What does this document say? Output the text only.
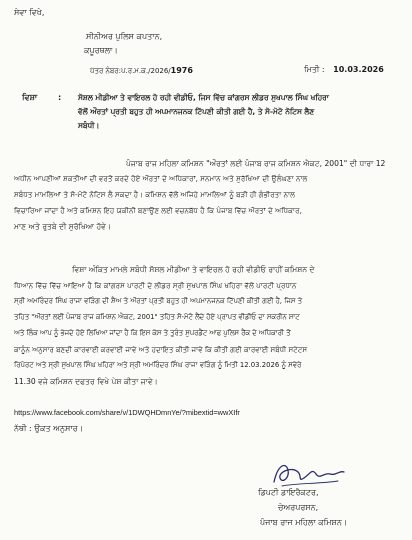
ਸੇਵਾ ਵਿਖੇ,
ਸੀਨੀਅਰ ਪੁਲਿਸ ਕਪਤਾਨ,
ਕਪੂਰਥਲਾ।
ਪੱਤਰ ਨੰਬਰ:ਪ.ਰ.ਮ.ਕ./2026/1976	ਮਿਤੀ : 10.03.2026
ਵਿਸ਼ਾ	: ਸੋਸ਼ਲ ਮੀਡੀਆ ਤੇ ਵਾਇਰਲ ਹੋ ਰਹੀ ਵੀਡੀਓ, ਜਿਸ ਵਿੱਚ ਕਾਂਗਰਸ ਲੀਡਰ ਸੁਖਪਾਲ ਸਿੰਘ ਖਹਿਰਾ
ਵੱਲੋਂ ਔਰਤਾਂ ਪ੍ਰਤੀ ਬਹੁਤ ਹੀ ਅਪਮਾਨਜਨਕ ਟਿੱਪਣੀ ਕੀਤੀ ਗਈ ਹੈ, ਤੇ ਸੋ-ਮੋਟੋ ਨੋਟਿਸ ਲੈਣ
ਸਬੰਧੀ।
ਪੰਜਾਬ ਰਾਜ ਮਹਿਲਾ ਕਮਿਸ਼ਨ "ਔਰਤਾਂ ਲਈ ਪੰਜਾਬ ਰਾਜ ਕਮਿਸ਼ਨ ਐਕਟ, 2001" ਦੀ ਧਾਰਾ 12
ਅਧੀਨ ਆਪਣੀਆਂ ਸ਼ਕਤੀਆਂ ਦੀ ਵਰਤੋਂ ਕਰਦੇ ਹੋਏ ਔਰਤਾਂ ਦੇ ਅਧਿਕਾਰਾਂ, ਸਨਮਾਨ ਅਤੇ ਸੁਰੱਖਿਆ ਦੀ ਉਲੰਘਣਾ ਨਾਲ
ਸਬੰਧਤ ਮਾਮਲਿਆਂ ਤੇ ਸੋ-ਮੋਟੋ ਨੋਟਿਸ ਲੈ ਸਕਦਾ ਹੈ। ਕਮਿਸ਼ਨ ਵੱਲੋਂ ਅਜਿਹੇ ਮਾਮਲਿਆਂ ਨੂੰ ਬੜੀ ਹੀ ਗੰਭੀਰਤਾ ਨਾਲ
ਵਿਚਾਰਿਆ ਜਾਂਦਾ ਹੈ ਅਤੇ ਕਮਿਸ਼ਨ ਇਹ ਯਕੀਨੀ ਬਣਾਉਣ ਲਈ ਵਚਨਬੱਧ ਹੈ ਕਿ ਪੰਜਾਬ ਵਿੱਚ ਔਰਤਾਂ ਦੇ ਅਧਿਕਾਰ,
ਮਾਣ ਅਤੇ ਰੁਤਬੇ ਦੀ ਸੁਰੱਖਿਆ ਹੋਵੇ।
ਵਿਸ਼ਾ ਅੰਕਿਤ ਮਾਮਲੇ ਸਬੰਧੀ ਸੋਸ਼ਲ ਮੀਡੀਆ ਤੇ ਵਾਇਰਲ ਹੋ ਰਹੀ ਵੀਡੀਓ ਰਾਹੀਂ ਕਮਿਸ਼ਨ ਦੇ
ਧਿਆਨ ਵਿੱਚ ਵਿੱਚ ਆਇਆ ਹੈ ਕਿ ਕਾਂਗਰਸ ਪਾਰਟੀ ਦੇ ਲੀਡਰ ਸ੍ਰੀ ਸੁਖਪਾਲ ਸਿੰਘ ਖਹਿਰਾ ਵੱਲੋਂ ਪਾਰਟੀ ਪ੍ਰਧਾਨ
ਸ੍ਰੀ ਅਮਰਿੰਦਰ ਸਿੰਘ ਰਾਜਾ ਵੜਿੰਗ ਦੀ ਸ਼ੈਅ ਤੇ ਔਰਤਾਂ ਪ੍ਰਤੀ ਬਹੁਤ ਹੀ ਅਪਮਾਨਜਨਕ ਟਿੱਪਣੀ ਕੀਤੀ ਗਈ ਹੈ, ਜਿਸ ਤੇ
ਤਹਿਤ "ਔਰਤਾਂ ਲਈ ਪੰਜਾਬ ਰਾਜ ਕਮਿਸ਼ਨ ਐਕਟ, 2001" ਤਹਿਤ ਸੋ-ਮੋਟੋ ਲੈਂਦੇ ਹੋਏ ਪ੍ਰਾਪਤ ਵੀਡੀਓ ਦਾ ਸਕਰੀਨ ਸ਼ਾਟ
ਅਤੇ ਲਿੰਕ ਆਪ ਨੂੰ ਭੇਜਦੇ ਹੋਏ ਲਿਖਿਆ ਜਾਂਦਾ ਹੈ ਕਿ ਇਸ ਕੇਸ ਤੇ ਤੁਰੰਤ ਸੁਪਰਡੈਂਟ ਆਫ ਪੁਲਿਸ ਰੈਂਕ ਦੇ ਅਧਿਕਾਰੀ ਤੋਂ
ਕਾਨੂੰਨ ਅਨੁਸਾਰ ਬਣਦੀ ਕਾਰਵਾਈ ਕਰਵਾਈ ਜਾਵੇ ਅਤੇ ਹਦਾਇਤ ਕੀਤੀ ਜਾਵੇ ਕਿ ਕੀਤੀ ਗਈ ਕਾਰਵਾਈ ਸਬੰਧੀ ਸਟੇਟਸ
ਰਿਪੋਰਟ ਅਤੇ ਸ੍ਰੀ ਸੁਖਪਾਲ ਸਿੰਘ ਖਹਿਰਾ ਅਤੇ ਸ੍ਰੀ ਅਮਰਿੰਦਰ ਸਿੰਘ ਰਾਜਾ ਵੜਿੰਗ ਨੂੰ ਮਿਤੀ 12.03.2026 ਨੂੰ ਸਵੇਰੇ
11.30 ਵਜੇ ਕਮਿਸ਼ਨ ਦਫਤਰ ਵਿਖੇ ਪੇਸ਼ ਕੀਤਾ ਜਾਵੇ।
https://www.facebook.com/share/v/1DWQHDmnYe/?mibextid=wwXIfr
ਨੱਥੀ : ਉਕਤ ਅਨੁਸਾਰ।
ਡਿਪਟੀ ਡਾਇਰੈਕਟਰ,
ਚੇਅਰਪਰਸਨ,
ਪੰਜਾਬ ਰਾਜ ਮਹਿਲਾ ਕਮਿਸ਼ਨ।
